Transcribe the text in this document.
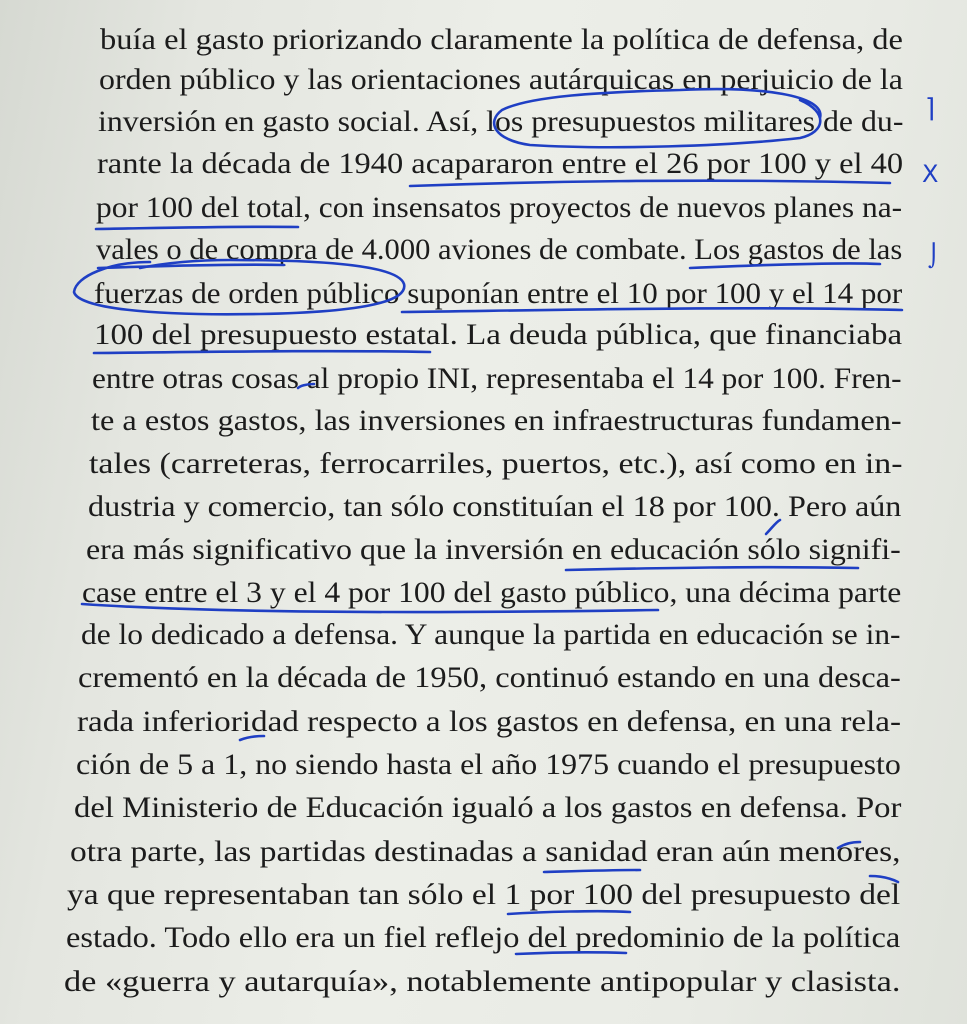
buía el gasto priorizando claramente la política de defensa, de

orden público y las orientaciones autárquicas en perjuicio de la

inversión en gasto social. Así, los presupuestos militares de du-

rante la década de 1940 acapararon entre el 26 por 100 y el 40

por 100 del total, con insensatos proyectos de nuevos planes na-

vales o de compra de 4.000 aviones de combate. Los gastos de las

fuerzas de orden público suponían entre el 10 por 100 y el 14 por

100 del presupuesto estatal. La deuda pública, que financiaba

entre otras cosas al propio INI, representaba el 14 por 100. Fren-

te a estos gastos, las inversiones en infraestructuras fundamen-

tales (carreteras, ferrocarriles, puertos, etc.), así como en in-

dustria y comercio, tan sólo constituían el 18 por 100. Pero aún

era más significativo que la inversión en educación sólo signifi-

case entre el 3 y el 4 por 100 del gasto público, una décima parte

de lo dedicado a defensa. Y aunque la partida en educación se in-

crementó en la década de 1950, continuó estando en una desca-

rada inferioridad respecto a los gastos en defensa, en una rela-

ción de 5 a 1, no siendo hasta el año 1975 cuando el presupuesto

del Ministerio de Educación igualó a los gastos en defensa. Por

otra parte, las partidas destinadas a sanidad eran aún menores,

ya que representaban tan sólo el 1 por 100 del presupuesto del

estado. Todo ello era un fiel reflejo del predominio de la política

de «guerra y autarquía», notablemente antipopular y clasista.

⌉
X
⌡
